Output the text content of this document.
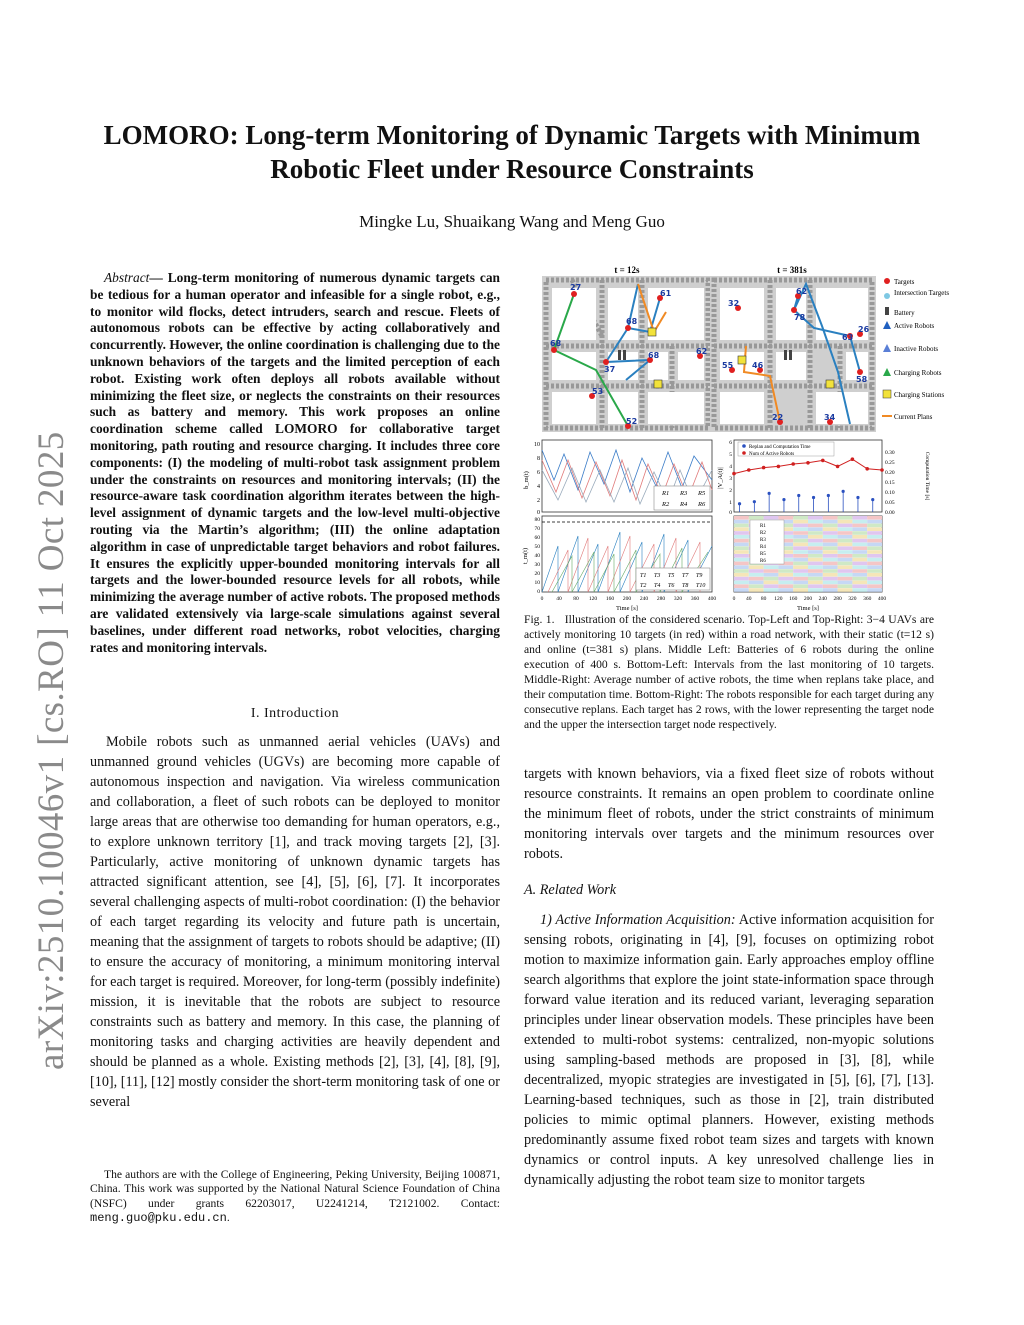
arXiv:2510.10046v1 [cs.RO] 11 Oct 2025
LOMORO: Long-term Monitoring of Dynamic Targets with Minimum Robotic Fleet under Resource Constraints
Mingke Lu, Shuaikang Wang and Meng Guo
Abstract— Long-term monitoring of numerous dynamic targets can be tedious for a human operator and infeasible for a single robot, e.g., to monitor wild flocks, detect intruders, search and rescue. Fleets of autonomous robots can be effective by acting collaboratively and concurrently. However, the online coordination is challenging due to the unknown behaviors of the targets and the limited perception of each robot. Existing work often deploys all robots available without minimizing the fleet size, or neglects the constraints on their resources such as battery and memory. This work proposes an online coordination scheme called LOMORO for collaborative target monitoring, path routing and resource charging. It includes three core components: (I) the modeling of multi-robot task assignment problem under the constraints on resources and monitoring intervals; (II) the resource-aware task coordination algorithm iterates between the high-level assignment of dynamic targets and the low-level multi-objective routing via the Martin’s algorithm; (III) the online adaptation algorithm in case of unpredictable target behaviors and robot failures. It ensures the explicitly upper-bounded monitoring intervals for all targets and the lower-bounded resource levels for all robots, while minimizing the average number of active robots. The proposed methods are validated extensively via large-scale simulations against several baselines, under different road networks, robot velocities, charging rates and monitoring intervals.
I. Introduction
Mobile robots such as unmanned aerial vehicles (UAVs) and unmanned ground vehicles (UGVs) are becoming more capable of autonomous inspection and navigation. Via wireless communication and collaboration, a fleet of such robots can be deployed to monitor large areas that are otherwise too demanding for human operators, e.g., to explore unknown territory [1], and track moving targets [2], [3]. Particularly, active monitoring of unknown dynamic targets has attracted significant attention, see [4], [5], [6], [7]. It incorporates several challenging aspects of multi-robot coordination: (I) the behavior of each target regarding its velocity and future path is uncertain, meaning that the assignment of targets to robots should be adaptive; (II) to ensure the accuracy of monitoring, a minimum monitoring interval for each target is required. Moreover, for long-term (possibly indefinite) mission, it is inevitable that the robots are subject to resource constraints such as battery and memory. In this case, the planning of monitoring tasks and charging activities are heavily dependent and should be planned as a whole. Existing methods [2], [3], [4], [8], [9], [10], [11], [12] mostly consider the short-term monitoring task of one or several
The authors are with the College of Engineering, Peking University, Beijing 100871, China. This work was supported by the National Natural Science Foundation of China (NSFC) under grants 62203017, U2241214, T2121002. Contact: meng.guo@pku.edu.cn.
t = 12s
27
68
61
68
68
37
53
52
62
t = 381s
32
62
78
63
26
55 46
58
22	34
Targets
Intersection Targets
Battery
Active Robots
Inactive Robots
Charging Robots
Charging Stations
Current Plans
R1 R3 R5
R2 R4 R6
10
8
6
4
2
0
b_m(t)
T1 T3 T5 T7 T9
T2 T4 T6 T8 T10
80
70
60
50
40
30
20
10
0
t_m(t)
0 40 80 120 160 200 240 280 320 360 400
Time [s]
Replan and Computation Time
Num of Active Robots
6
5
4
3
2
1
0
0.30
0.25
0.20
0.15
0.10
0.05
0.00
|V_A(t)|	Computation Time [s]
R1
R2
R3
R4
R5
R6
0 40 80 120 160 200 240 280 320 360 400
Time [s]
Fig. 1. Illustration of the considered scenario. Top-Left and Top-Right: 3−4 UAVs are actively monitoring 10 targets (in red) within a road network, with their static (t=12 s) and online (t=381 s) plans. Middle Left: Batteries of 6 robots during the online execution of 400 s. Bottom-Left: Intervals from the last monitoring of 10 targets. Middle-Right: Average number of active robots, the time when replans take place, and their computation time. Bottom-Right: The robots responsible for each target during any consecutive replans. Each target has 2 rows, with the lower representing the target node and the upper the intersection target node respectively.
targets with known behaviors, via a fixed fleet size of robots without resource constraints. It remains an open problem to coordinate online the minimum fleet of robots, under the strict constraints of minimum monitoring intervals over targets and the minimum resources over robots.
A. Related Work
1) Active Information Acquisition: Active information acquisition for sensing robots, originating in [4], [9], focuses on optimizing robot motion to maximize information gain. Early approaches employ offline search algorithms that explore the joint state-information space through forward value iteration and its reduced variant, leveraging separation principles under linear observation models. These principles have been extended to multi-robot systems: centralized, non-myopic solutions using sampling-based methods are proposed in [3], [8], while decentralized, myopic strategies are investigated in [5], [6], [7], [13]. Learning-based techniques, such as those in [2], train distributed policies to mimic optimal planners. However, existing methods predominantly assume fixed robot team sizes and targets with known dynamics or control inputs. A key unresolved challenge lies in dynamically adjusting the robot team size to monitor targets
